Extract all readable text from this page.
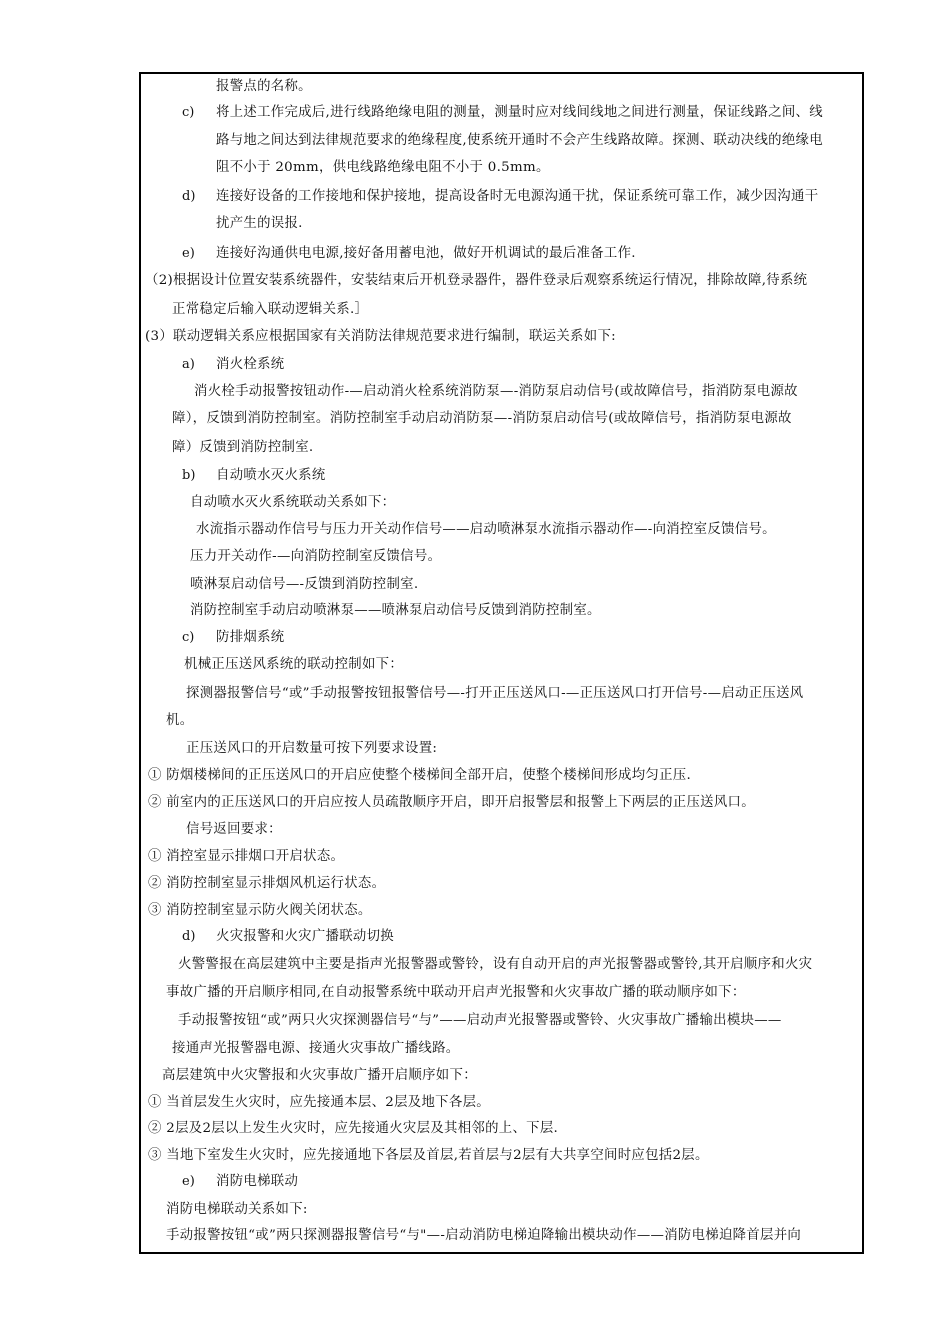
c)
d)
e)
a)
b)
c)
d)
e)
报警点的名称。
将上述工作完成后,进行线路绝缘电阻的测量，测量时应对线间线地之间进行测量，保证线路之间、线
路与地之间达到法律规范要求的绝缘程度,使系统开通时不会产生线路故障。探测、联动决线的绝缘电
阻不小于 20mm，供电线路绝缘电阻不小于 0.5mm。
连接好设备的工作接地和保护接地，提高设备时无电源沟通干扰，保证系统可靠工作，减少因沟通干
扰产生的误报.
连接好沟通供电电源,接好备用蓄电池，做好开机调试的最后准备工作.
（2)根据设计位置安装系统器件，安装结束后开机登录器件，器件登录后观察系统运行情况，排除故障,待系统
正常稳定后输入联动逻辑关系.］
(3）联动逻辑关系应根据国家有关消防法律规范要求进行编制，联运关系如下:
消火栓系统
消火栓手动报警按钮动作-—启动消火栓系统消防泵—-消防泵启动信号(或故障信号，指消防泵电源故
障），反馈到消防控制室。消防控制室手动启动消防泵—-消防泵启动信号(或故障信号，指消防泵电源故
障）反馈到消防控制室.
自动喷水灭火系统
自动喷水灭火系统联动关系如下：
水流指示器动作信号与压力开关动作信号——启动喷淋泵水流指示器动作—-向消控室反馈信号。
压力开关动作-—向消防控制室反馈信号。
喷淋泵启动信号—-反馈到消防控制室.
消防控制室手动启动喷淋泵——喷淋泵启动信号反馈到消防控制室。
防排烟系统
机械正压送风系统的联动控制如下：
探测器报警信号“或”手动报警按钮报警信号—-打开正压送风口-—正压送风口打开信号-—启动正压送风
机。
正压送风口的开启数量可按下列要求设置:
① 防烟楼梯间的正压送风口的开启应使整个楼梯间全部开启，使整个楼梯间形成均匀正压.
② 前室内的正压送风口的开启应按人员疏散顺序开启，即开启报警层和报警上下两层的正压送风口。
信号返回要求：
① 消控室显示排烟口开启状态。
② 消防控制室显示排烟风机运行状态。
③ 消防控制室显示防火阀关闭状态。
火灾报警和火灾广播联动切换
火警警报在高层建筑中主要是指声光报警器或警铃，设有自动开启的声光报警器或警铃,其开启顺序和火灾
事故广播的开启顺序相同,在自动报警系统中联动开启声光报警和火灾事故广播的联动顺序如下：
手动报警按钮“或”两只火灾探测器信号“与”——启动声光报警器或警铃、火灾事故广播输出模块——
接通声光报警器电源、接通火灾事故广播线路。
高层建筑中火灾警报和火灾事故广播开启顺序如下：
① 当首层发生火灾时，应先接通本层、2层及地下各层。
② 2层及2层以上发生火灾时，应先接通火灾层及其相邻的上、下层.
③ 当地下室发生火灾时，应先接通地下各层及首层,若首层与2层有大共享空间时应包括2层。
消防电梯联动
消防电梯联动关系如下:
手动报警按钮“或”两只探测器报警信号“与"—-启动消防电梯迫降输出模块动作——消防电梯迫降首层并向
